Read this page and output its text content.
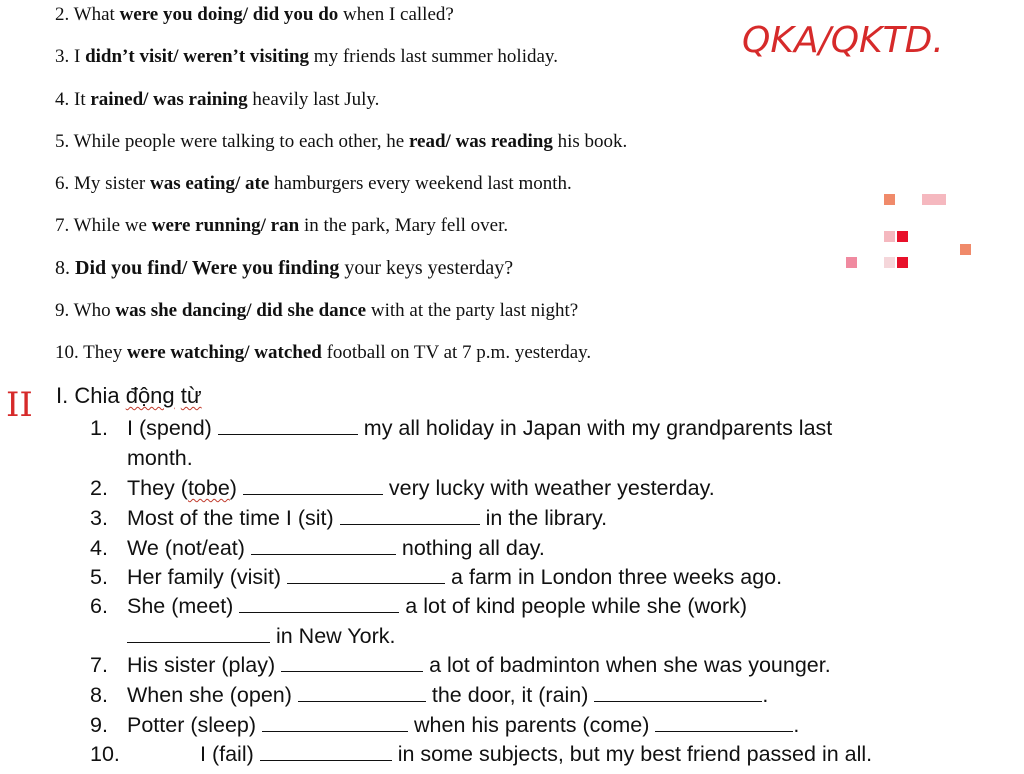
2. What were you doing/ did you do when I called?
3. I didn’t visit/ weren’t visiting my friends last summer holiday.
4. It rained/ was raining heavily last July.
5. While people were talking to each other, he read/ was reading his book.
6. My sister was eating/ ate hamburgers every weekend last month.
7. While we were running/ ran in the park, Mary fell over.
8. Did you find/ Were you finding your keys yesterday?
9. Who was she dancing/ did she dance with at the party last night?
10. They were watching/ watched football on TV at 7 p.m. yesterday.
QKA/QKTD.
II I. Chia động từ
1. I (spend)	my all holiday in Japan with my grandparents last
month.
2. They (tobe)	very lucky with weather yesterday.
3. Most of the time I (sit)	in the library.
4. We (not/eat)	nothing all day.
5. Her family (visit)	a farm in London three weeks ago.
6. She (meet)	a lot of kind people while she (work)
in New York.
7. His sister (play)	a lot of badminton when she was younger.
8. When she (open)	the door, it (rain)	.
9. Potter (sleep)	when his parents (come)	.
10.	I (fail)	in some subjects, but my best friend passed in all.
